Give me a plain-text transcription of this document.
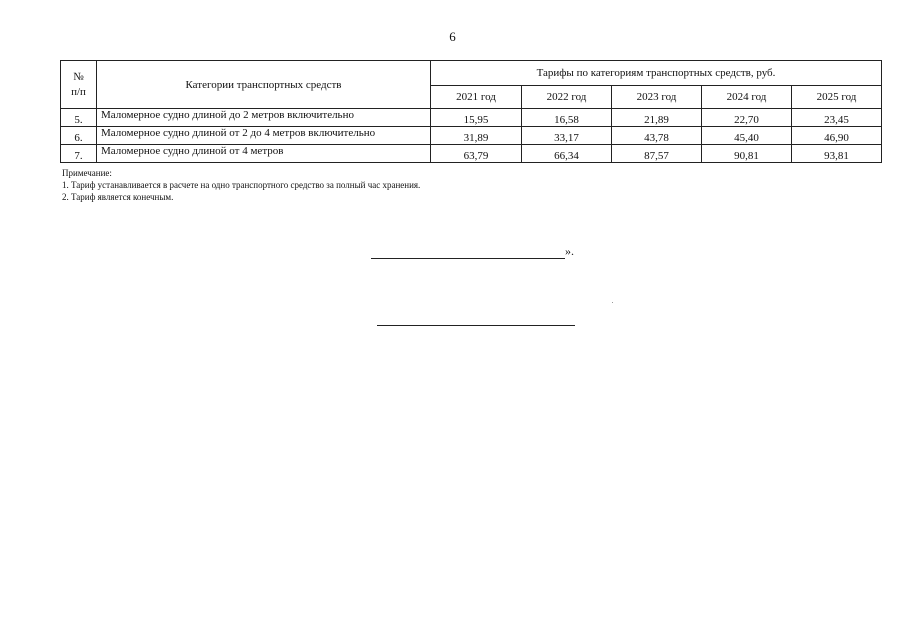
6
№
п/п	Категории транспортных средств	Тарифы по категориям транспортных средств, руб.				
		2021 год	2022 год	2023 год	2024 год	2025 год
5.	Маломерное судно длиной до 2 метров включительно	15,95	16,58	21,89	22,70	23,45
6.	Маломерное судно длиной от 2 до 4 метров включительно	31,89	33,17	43,78	45,40	46,90
7.	Маломерное судно длиной от 4 метров	63,79	66,34	87,57	90,81	93,81
Примечание:
1. Тариф устанавливается в расчете на одно транспортного средство за полный час хранения.
2. Тариф является конечным.
».
